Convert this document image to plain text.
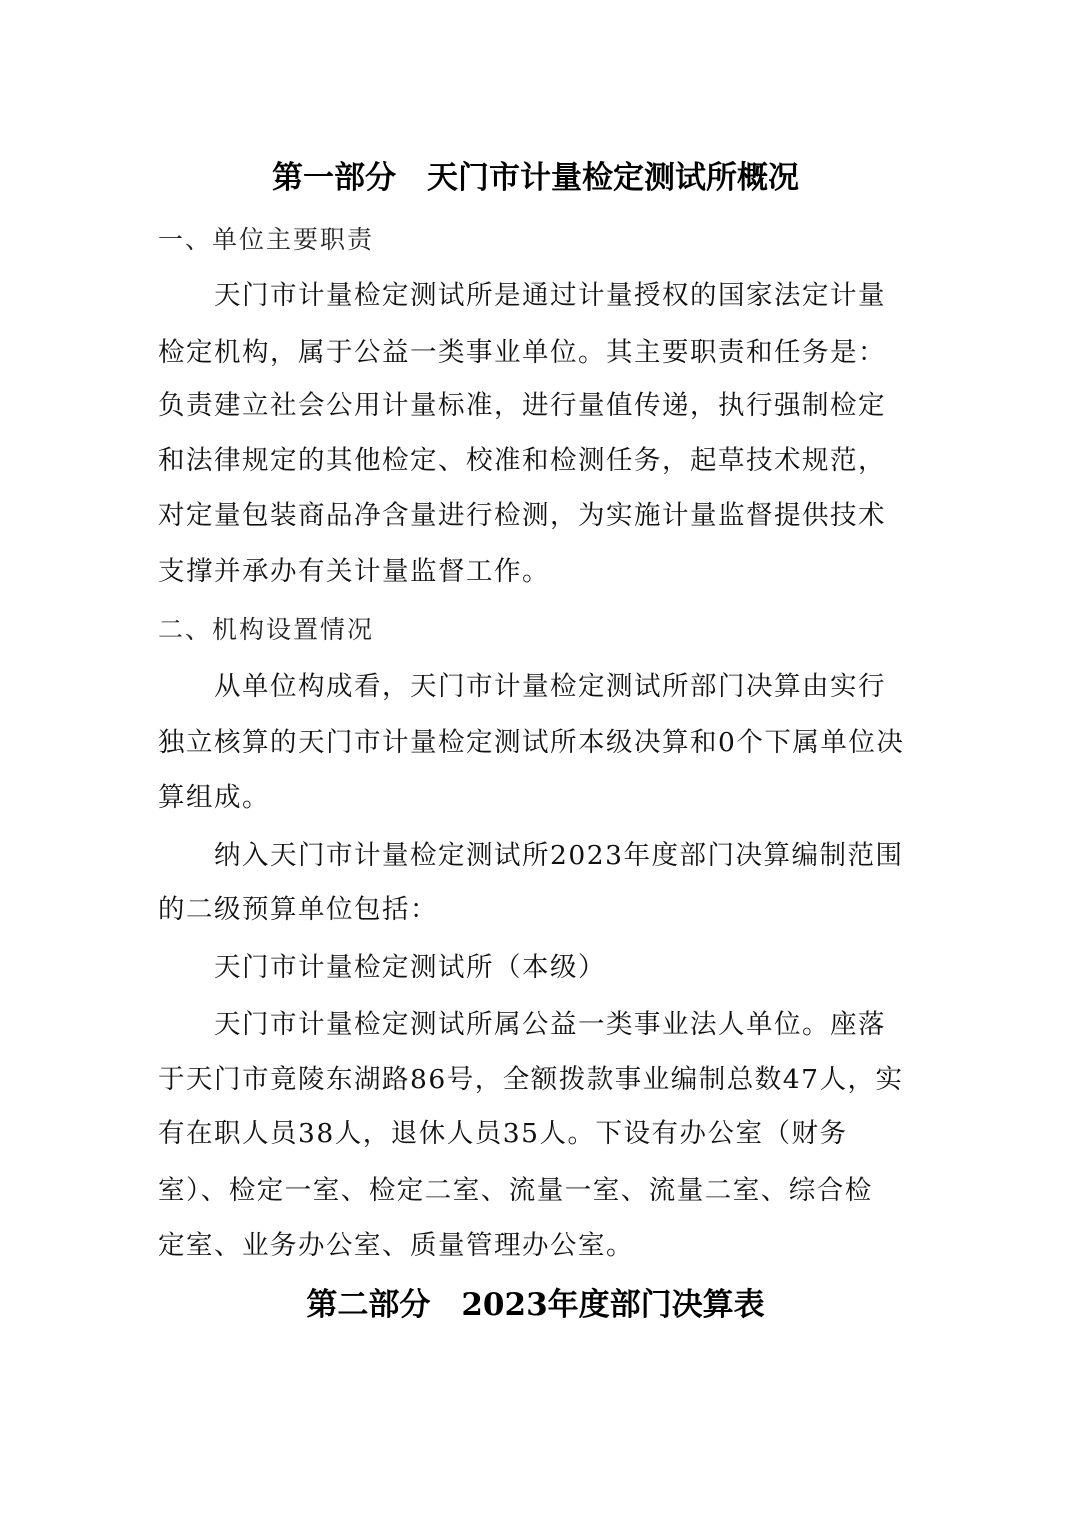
第一部分　天门市计量检定测试所概况
一、单位主要职责
天门市计量检定测试所是通过计量授权的国家法定计量
检定机构，属于公益一类事业单位。其主要职责和任务是：
负责建立社会公用计量标准，进行量值传递，执行强制检定
和法律规定的其他检定、校准和检测任务，起草技术规范，
对定量包装商品净含量进行检测，为实施计量监督提供技术
支撑并承办有关计量监督工作。
二、机构设置情况
从单位构成看，天门市计量检定测试所部门决算由实行
独立核算的天门市计量检定测试所本级决算和0个下属单位决
算组成。
纳入天门市计量检定测试所2023年度部门决算编制范围
的二级预算单位包括：
天门市计量检定测试所（本级）
天门市计量检定测试所属公益一类事业法人单位。座落
于天门市竟陵东湖路86号，全额拨款事业编制总数47人，实
有在职人员38人，退休人员35人。下设有办公室（财务
室）、检定一室、检定二室、流量一室、流量二室、综合检
定室、业务办公室、质量管理办公室。
第二部分　2023年度部门决算表
